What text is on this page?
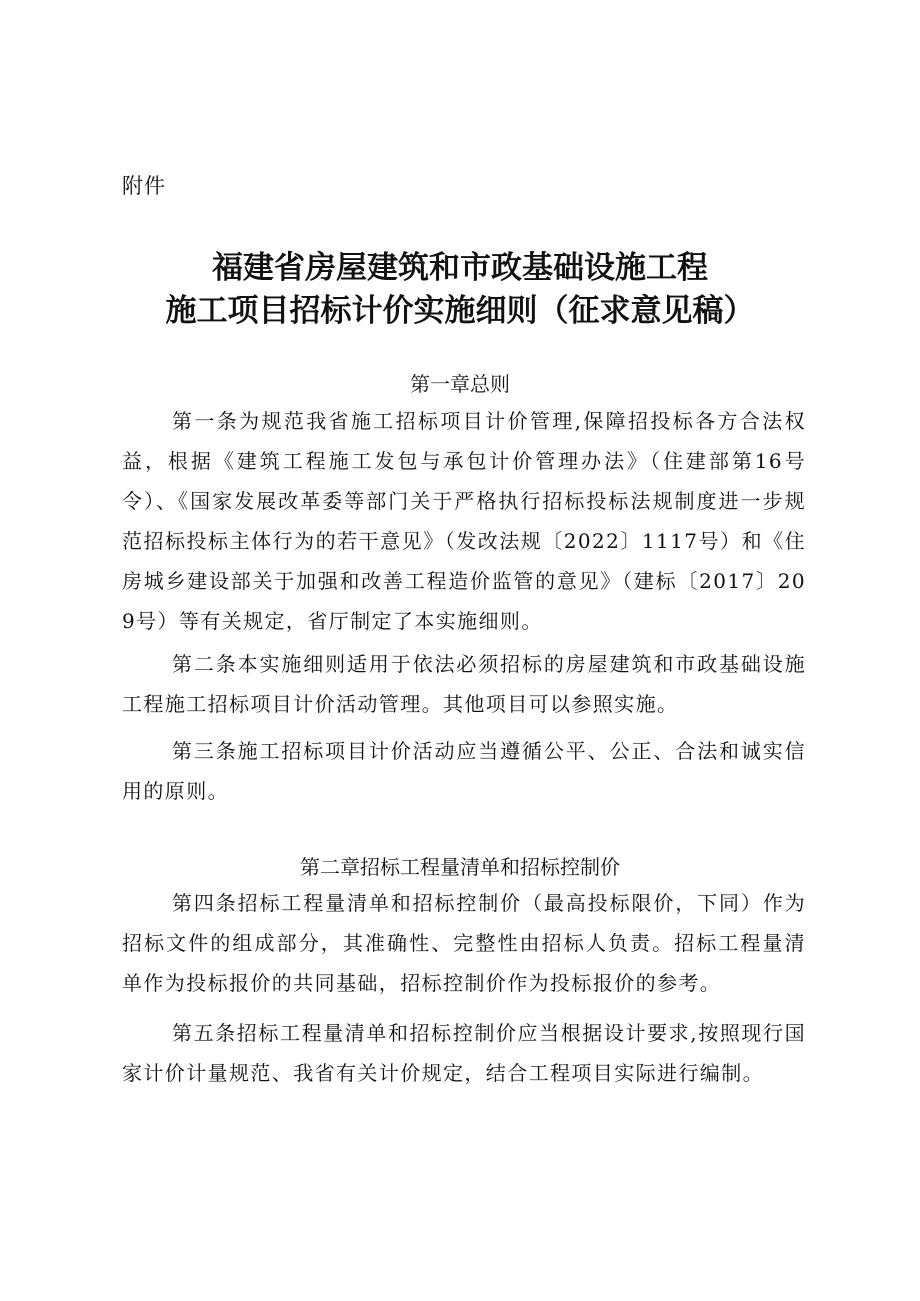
附件
福建省房屋建筑和市政基础设施工程
施工项目招标计价实施细则（征求意见稿）
第一章总则
第一条为规范我省施工招标项目计价管理,保障招投标各方合法权益，根据《建筑工程施工发包与承包计价管理办法》（住建部第16号令）、《国家发展改革委等部门关于严格执行招标投标法规制度进一步规范招标投标主体行为的若干意见》（发改法规〔2022〕1117号）和《住房城乡建设部关于加强和改善工程造价监管的意见》（建标〔2017〕209号）等有关规定，省厅制定了本实施细则。
第二条本实施细则适用于依法必须招标的房屋建筑和市政基础设施工程施工招标项目计价活动管理。其他项目可以参照实施。
第三条施工招标项目计价活动应当遵循公平、公正、合法和诚实信用的原则。
第二章招标工程量清单和招标控制价
第四条招标工程量清单和招标控制价（最高投标限价，下同）作为招标文件的组成部分，其准确性、完整性由招标人负责。招标工程量清单作为投标报价的共同基础，招标控制价作为投标报价的参考。
第五条招标工程量清单和招标控制价应当根据设计要求,按照现行国家计价计量规范、我省有关计价规定，结合工程项目实际进行编制。
